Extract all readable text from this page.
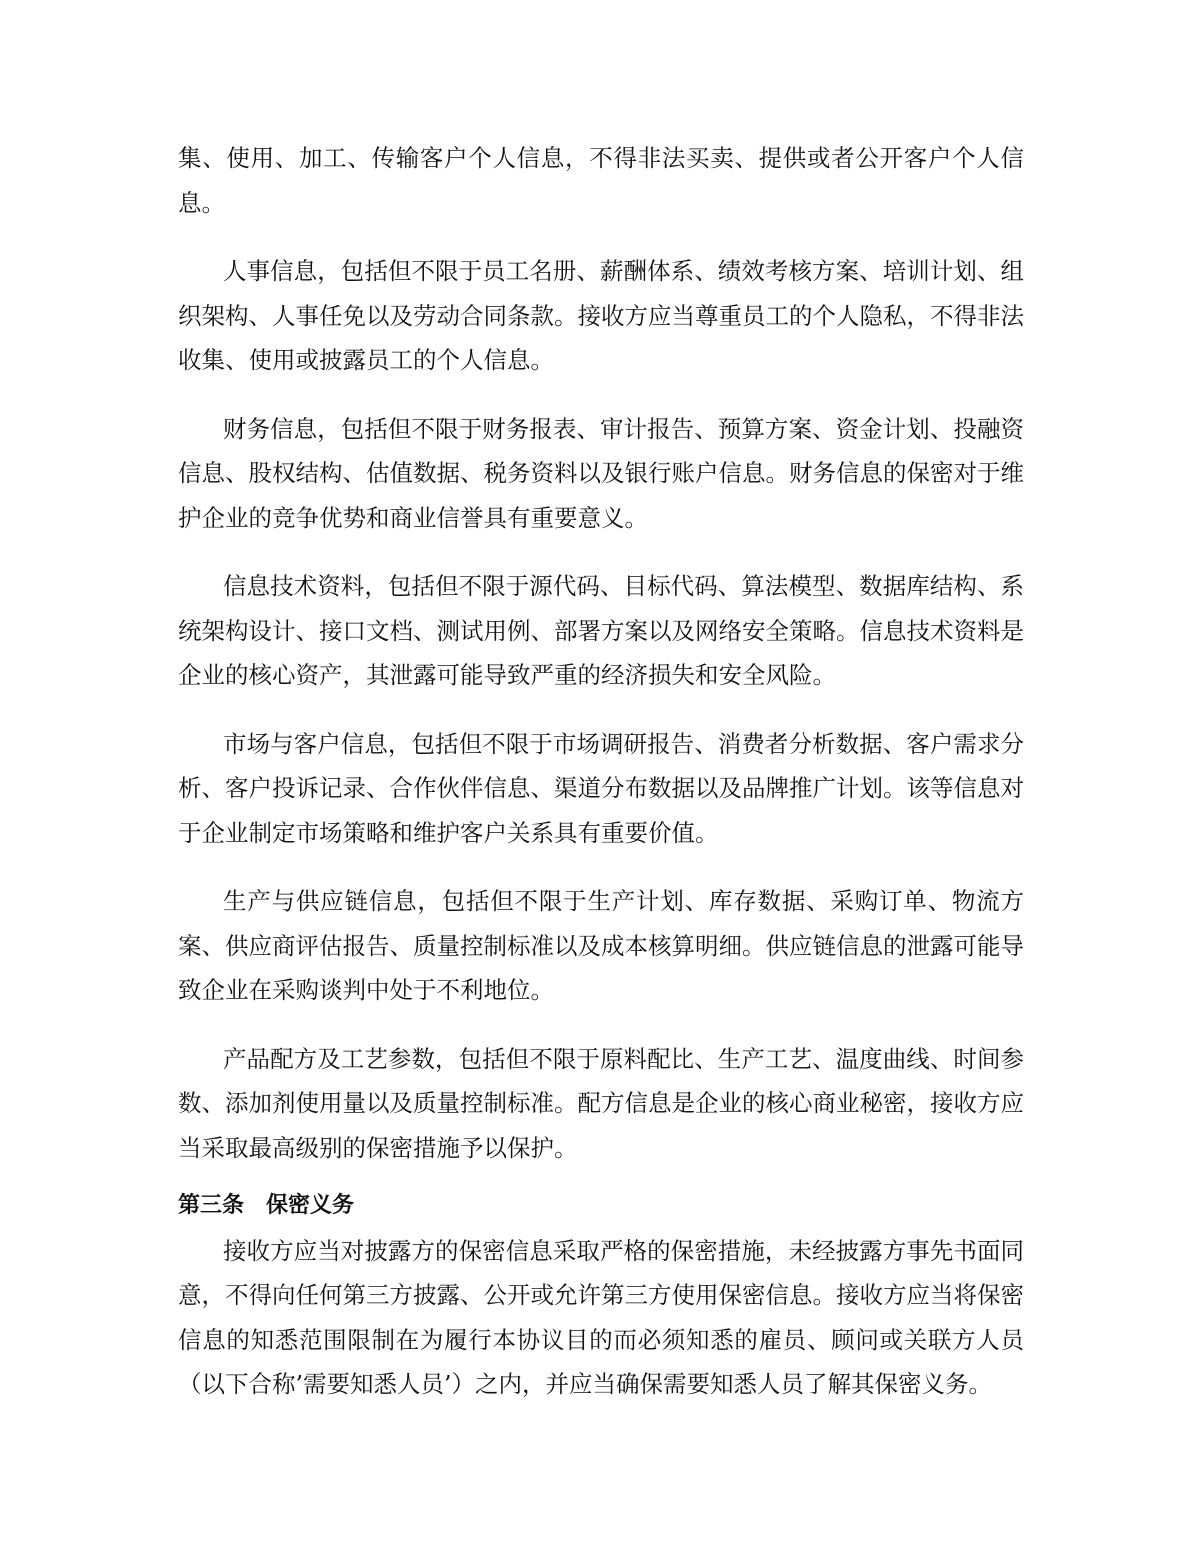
集、使用、加工、传输客户个人信息，不得非法买卖、提供或者公开客户个人信息。

人事信息，包括但不限于员工名册、薪酬体系、绩效考核方案、培训计划、组织架构、人事任免以及劳动合同条款。接收方应当尊重员工的个人隐私，不得非法收集、使用或披露员工的个人信息。

财务信息，包括但不限于财务报表、审计报告、预算方案、资金计划、投融资信息、股权结构、估值数据、税务资料以及银行账户信息。财务信息的保密对于维护企业的竞争优势和商业信誉具有重要意义。

信息技术资料，包括但不限于源代码、目标代码、算法模型、数据库结构、系统架构设计、接口文档、测试用例、部署方案以及网络安全策略。信息技术资料是企业的核心资产，其泄露可能导致严重的经济损失和安全风险。

市场与客户信息，包括但不限于市场调研报告、消费者分析数据、客户需求分析、客户投诉记录、合作伙伴信息、渠道分布数据以及品牌推广计划。该等信息对于企业制定市场策略和维护客户关系具有重要价值。

生产与供应链信息，包括但不限于生产计划、库存数据、采购订单、物流方案、供应商评估报告、质量控制标准以及成本核算明细。供应链信息的泄露可能导致企业在采购谈判中处于不利地位。

产品配方及工艺参数，包括但不限于原料配比、生产工艺、温度曲线、时间参数、添加剂使用量以及质量控制标准。配方信息是企业的核心商业秘密，接收方应当采取最高级别的保密措施予以保护。

第三条　保密义务

接收方应当对披露方的保密信息采取严格的保密措施，未经披露方事先书面同意，不得向任何第三方披露、公开或允许第三方使用保密信息。接收方应当将保密信息的知悉范围限制在为履行本协议目的而必须知悉的雇员、顾问或关联方人员（以下合称’需要知悉人员’）之内，并应当确保需要知悉人员了解其保密义务。
